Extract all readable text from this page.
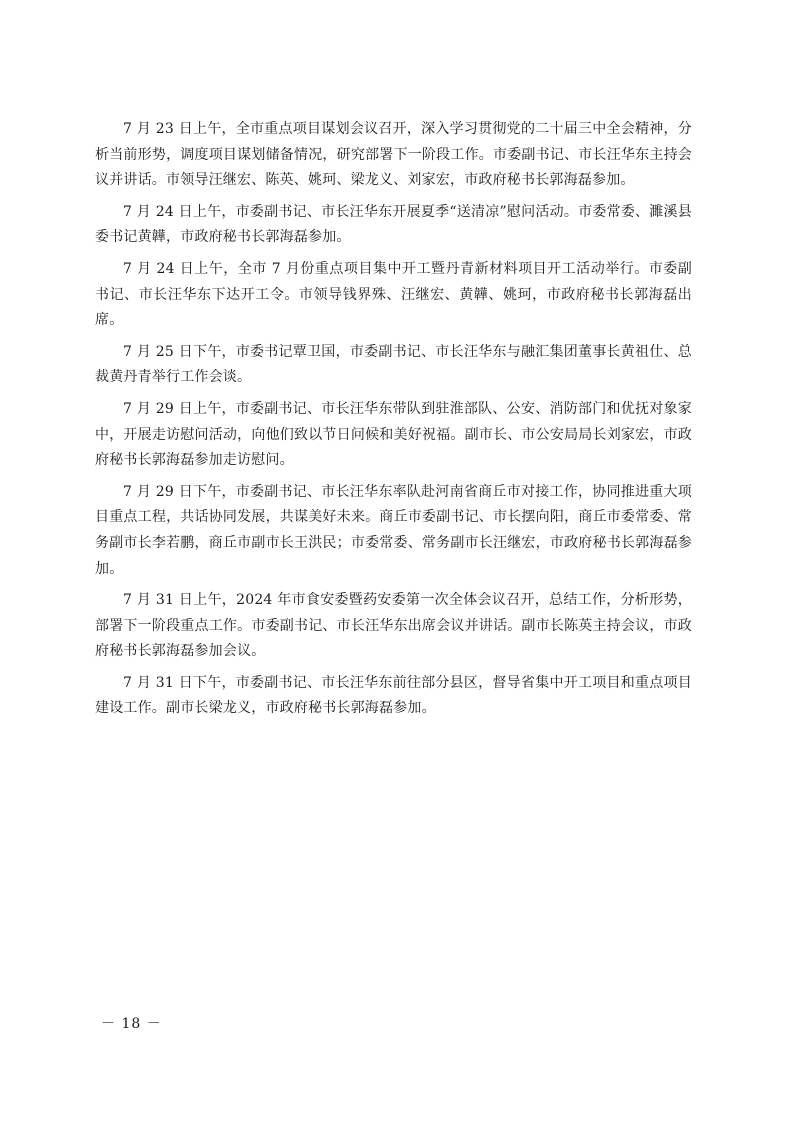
7 月 23 日上午，全市重点项目谋划会议召开，深入学习贯彻党的二十届三中全会精神，分析当前形势，调度项目谋划储备情况，研究部署下一阶段工作。市委副书记、市长汪华东主持会议并讲话。市领导汪继宏、陈英、姚珂、梁龙义、刘家宏，市政府秘书长郭海磊参加。

7 月 24 日上午，市委副书记、市长汪华东开展夏季“送清凉”慰问活动。市委常委、濉溪县委书记黄韡，市政府秘书长郭海磊参加。

7 月 24 日上午，全市 7 月份重点项目集中开工暨丹青新材料项目开工活动举行。市委副书记、市长汪华东下达开工令。市领导钱界殊、汪继宏、黄韡、姚珂，市政府秘书长郭海磊出席。

7 月 25 日下午，市委书记覃卫国，市委副书记、市长汪华东与融汇集团董事长黄祖仕、总裁黄丹青举行工作会谈。

7 月 29 日上午，市委副书记、市长汪华东带队到驻淮部队、公安、消防部门和优抚对象家中，开展走访慰问活动，向他们致以节日问候和美好祝福。副市长、市公安局局长刘家宏，市政府秘书长郭海磊参加走访慰问。

7 月 29 日下午，市委副书记、市长汪华东率队赴河南省商丘市对接工作，协同推进重大项目重点工程，共话协同发展，共谋美好未来。商丘市委副书记、市长摆向阳，商丘市委常委、常务副市长李若鹏，商丘市副市长王洪民；市委常委、常务副市长汪继宏，市政府秘书长郭海磊参加。

7 月 31 日上午，2024 年市食安委暨药安委第一次全体会议召开，总结工作，分析形势，部署下一阶段重点工作。市委副书记、市长汪华东出席会议并讲话。副市长陈英主持会议，市政府秘书长郭海磊参加会议。

7 月 31 日下午，市委副书记、市长汪华东前往部分县区，督导省集中开工项目和重点项目建设工作。副市长梁龙义，市政府秘书长郭海磊参加。

－ 18 －
